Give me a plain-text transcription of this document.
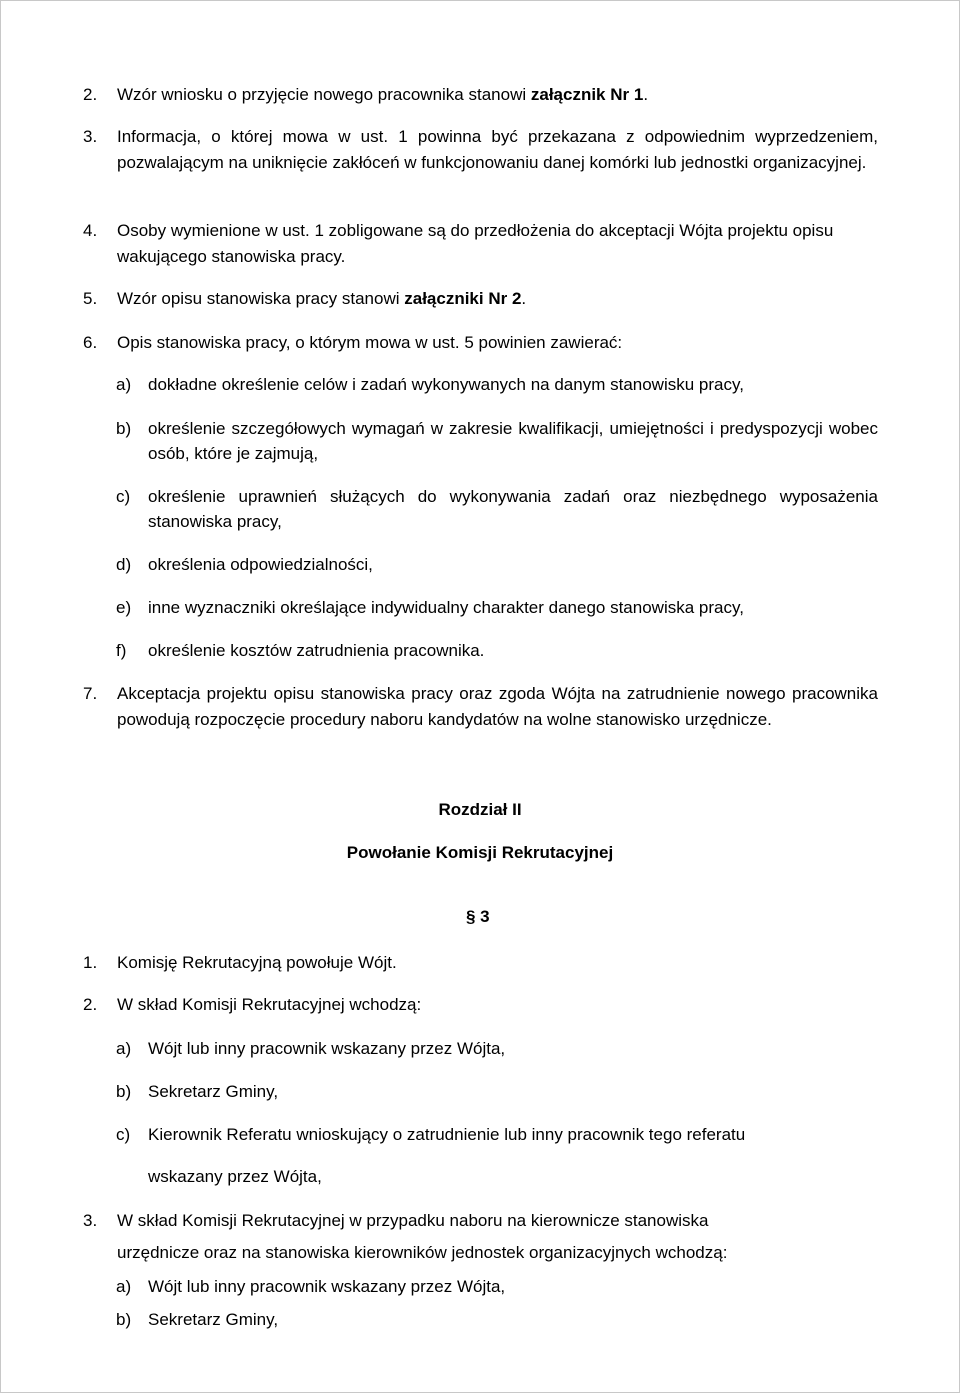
2. Wzór wniosku o przyjęcie nowego pracownika stanowi załącznik Nr 1.
3. Informacja, o której mowa w ust. 1 powinna być przekazana z odpowiednim wyprzedzeniem, pozwalającym na uniknięcie zakłóceń w funkcjonowaniu danej komórki lub jednostki organizacyjnej.
4. Osoby wymienione w ust. 1 zobligowane są do przedłożenia do akceptacji Wójta projektu opisu wakującego stanowiska pracy.
5. Wzór opisu stanowiska pracy stanowi załączniki Nr 2.
6. Opis stanowiska pracy, o którym mowa w ust. 5 powinien zawierać:
a) dokładne określenie celów i zadań wykonywanych na danym stanowisku pracy,
b) określenie szczegółowych wymagań w zakresie kwalifikacji, umiejętności i predyspozycji wobec osób, które je zajmują,
c) określenie uprawnień służących do wykonywania zadań oraz niezbędnego wyposażenia stanowiska pracy,
d) określenia odpowiedzialności,
e) inne wyznaczniki określające indywidualny charakter danego stanowiska pracy,
f) określenie kosztów zatrudnienia pracownika.
7. Akceptacja projektu opisu stanowiska pracy oraz zgoda Wójta na zatrudnienie nowego pracownika powodują rozpoczęcie procedury naboru kandydatów na wolne stanowisko urzędnicze.
Rozdział II
Powołanie Komisji Rekrutacyjnej
§ 3
1. Komisję Rekrutacyjną powołuje Wójt.
2. W skład Komisji Rekrutacyjnej wchodzą:
a) Wójt lub inny pracownik wskazany przez Wójta,
b) Sekretarz Gminy,
c) Kierownik Referatu wnioskujący o zatrudnienie lub inny pracownik tego referatu
wskazany przez Wójta,
3. W skład Komisji Rekrutacyjnej w przypadku naboru na kierownicze stanowiska
urzędnicze oraz na stanowiska kierowników jednostek organizacyjnych wchodzą:
a) Wójt lub inny pracownik wskazany przez Wójta,
b) Sekretarz Gminy,
